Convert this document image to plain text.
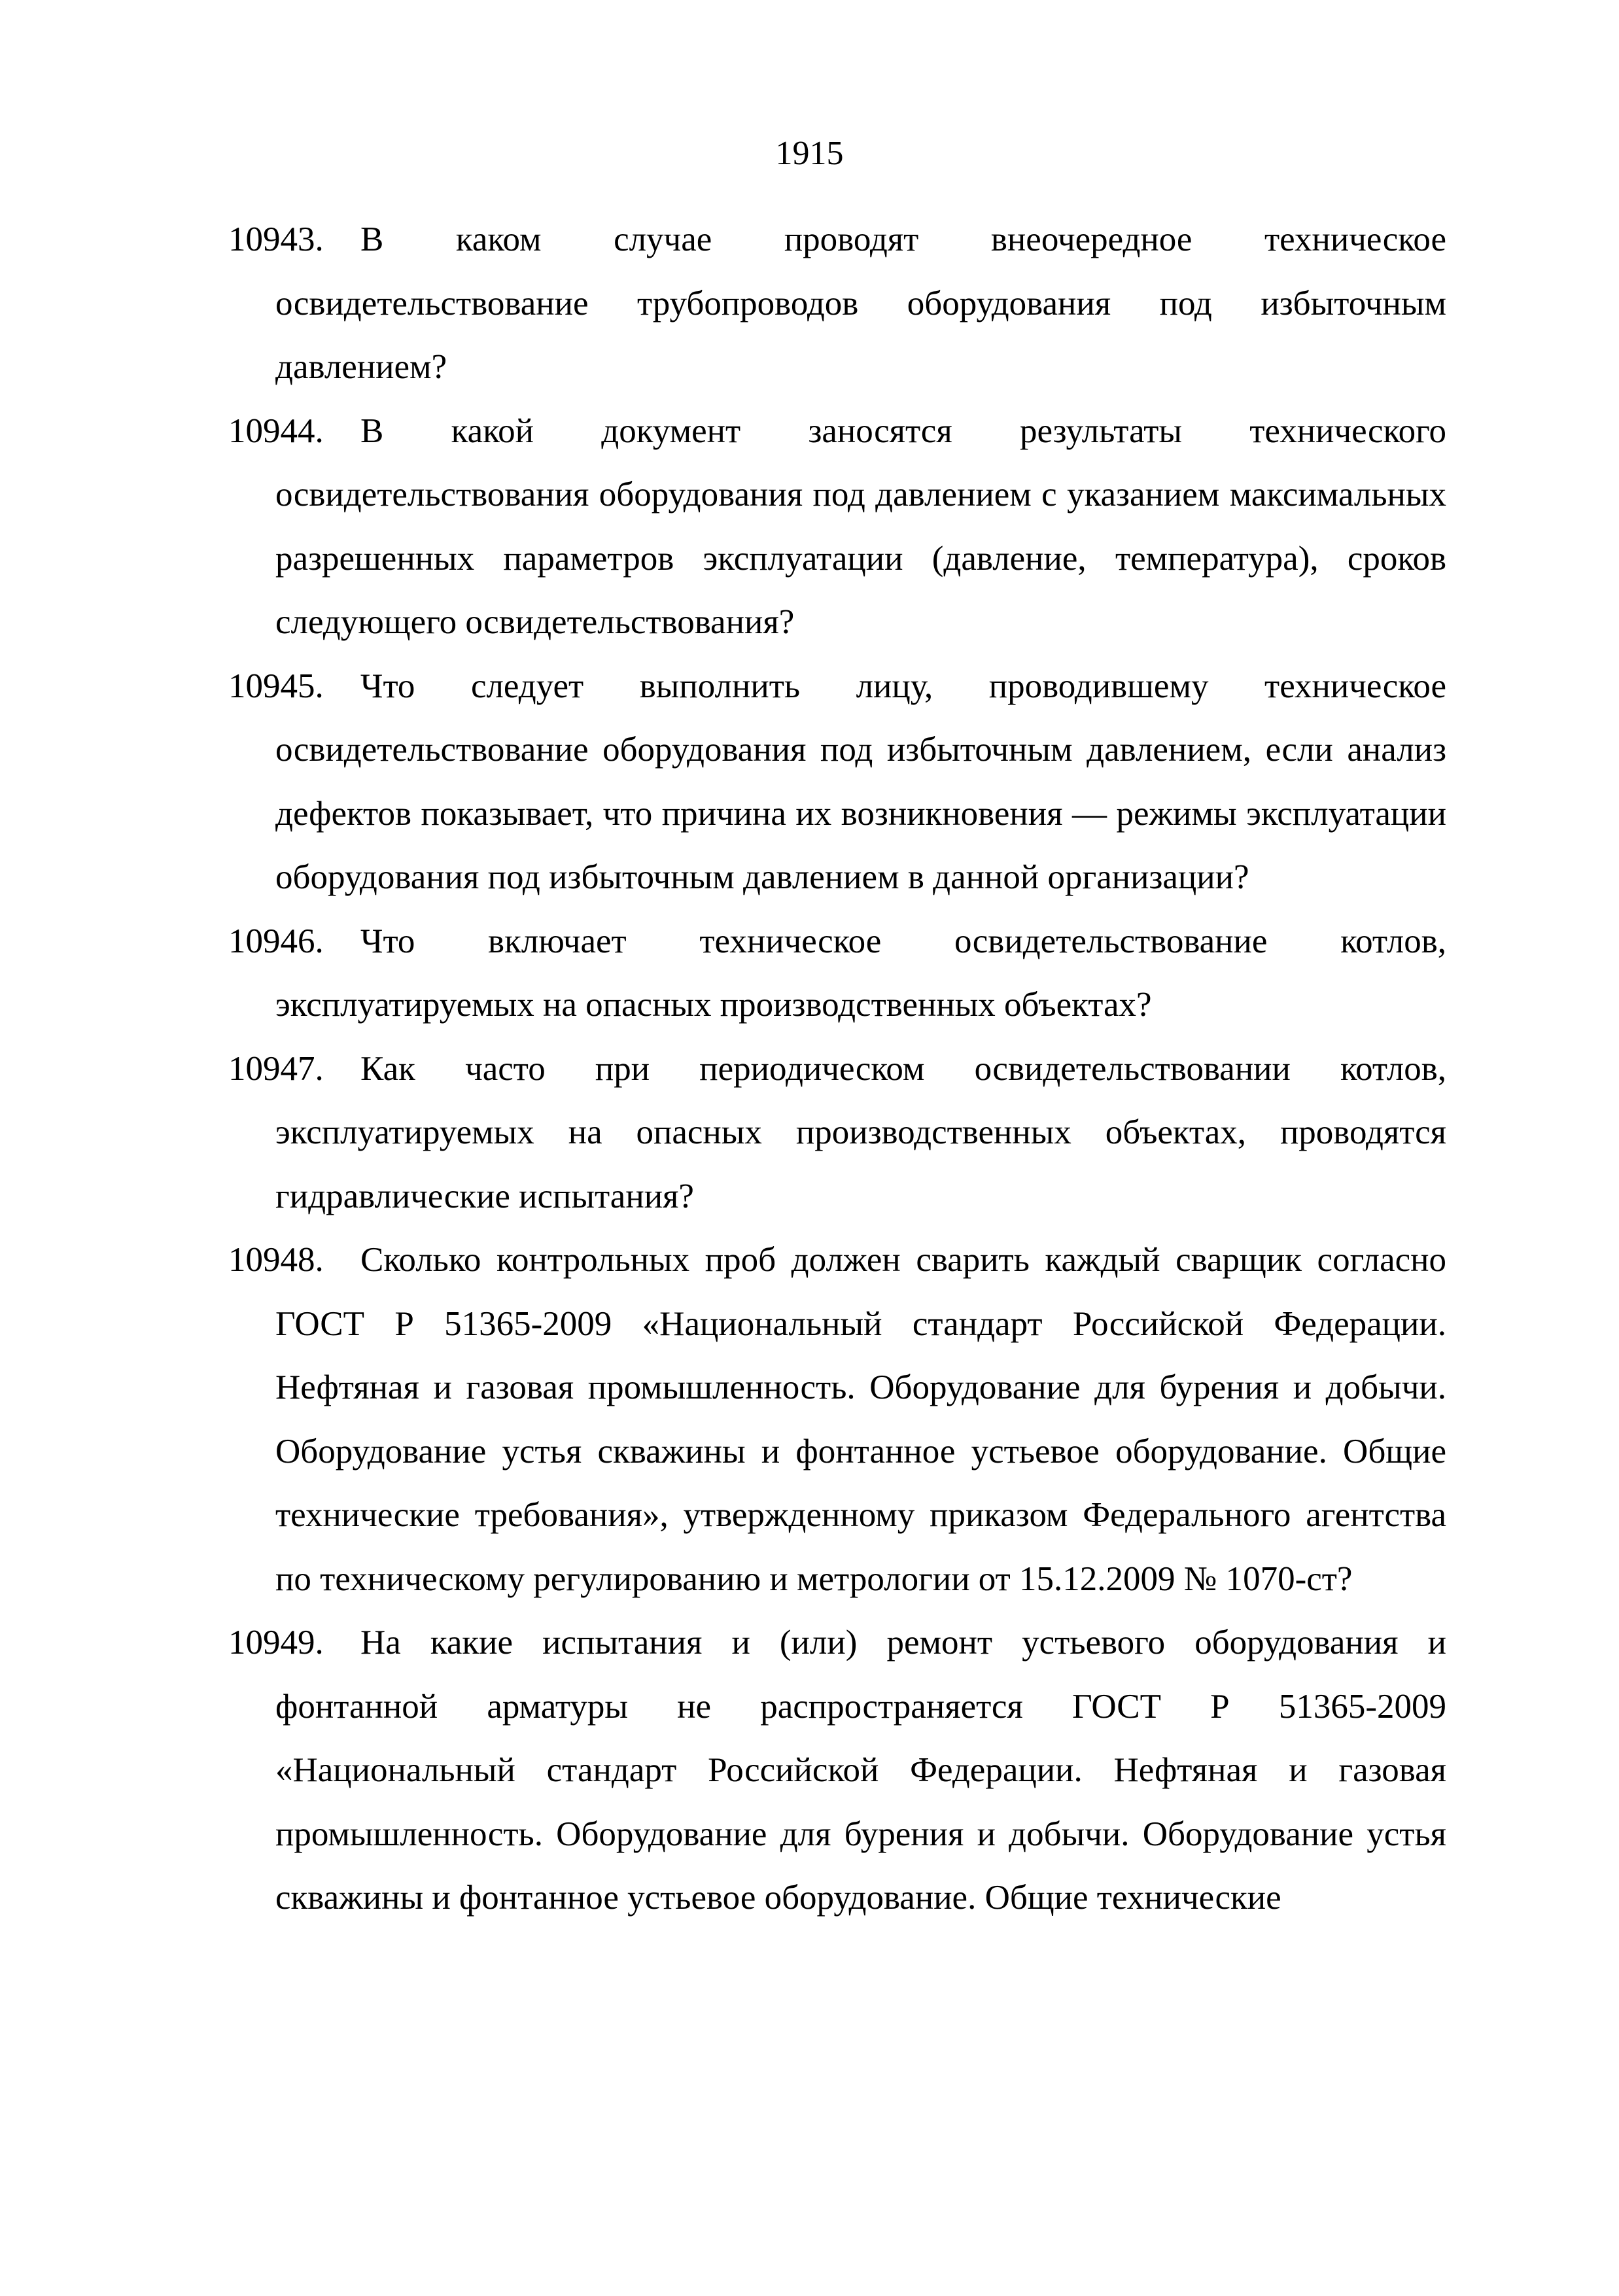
1915
10943.	В каком случае проводят внеочередное техническое освидетельствование трубопроводов оборудования под избыточным давлением?
10944.	В какой документ заносятся результаты технического освидетельствования оборудования под давлением с указанием максимальных разрешенных параметров эксплуатации (давление, температура), сроков следующего освидетельствования?
10945.	Что следует выполнить лицу, проводившему техническое освидетельствование оборудования под избыточным давлением, если анализ дефектов показывает, что причина их возникновения — режимы эксплуатации оборудования под избыточным давлением в данной организации?
10946.	Что включает техническое освидетельствование котлов, эксплуатируемых на опасных производственных объектах?
10947.	Как часто при периодическом освидетельствовании котлов, эксплуатируемых на опасных производственных объектах, проводятся гидравлические испытания?
10948.	Сколько контрольных проб должен сварить каждый сварщик согласно ГОСТ Р 51365-2009 «Национальный стандарт Российской Федерации. Нефтяная и газовая промышленность. Оборудование для бурения и добычи. Оборудование устья скважины и фонтанное устьевое оборудование. Общие технические требования», утвержденному приказом Федерального агентства по техническому регулированию и метрологии от 15.12.2009 № 1070-ст?
10949.	На какие испытания и (или) ремонт устьевого оборудования и фонтанной арматуры не распространяется ГОСТ Р 51365-2009 «Национальный стандарт Российской Федерации. Нефтяная и газовая промышленность. Оборудование для бурения и добычи. Оборудование устья скважины и фонтанное устьевое оборудование. Общие технические
